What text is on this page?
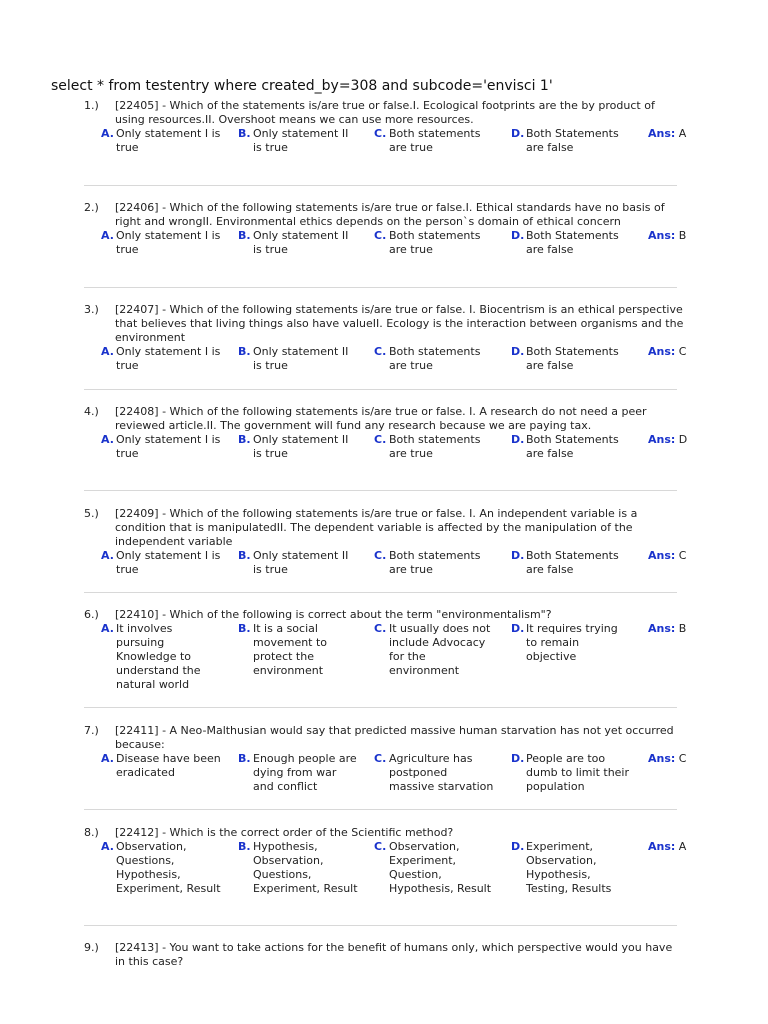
select * from testentry where created_by=308 and subcode='envisci 1'
1.) [22405] - Which of the statements is/are true or false.I. Ecological footprints are the by product of using resources.II. Overshoot means we can use more resources.
A. Only statement I is true
B. Only statement II is true
C. Both statements are true
D. Both Statements are false
Ans: A
2.) [22406] - Which of the following statements is/are true or false.I. Ethical standards have no basis of right and wrongII. Environmental ethics depends on the person`s domain of ethical concern
A. Only statement I is true
B. Only statement II is true
C. Both statements are true
D. Both Statements are false
Ans: B
3.) [22407] - Which of the following statements is/are true or false. I. Biocentrism is an ethical perspective that believes that living things also have valueII. Ecology is the interaction between organisms and the environment
A. Only statement I is true
B. Only statement II is true
C. Both statements are true
D. Both Statements are false
Ans: C
4.) [22408] - Which of the following statements is/are true or false. I. A research do not need a peer reviewed article.II. The government will fund any research because we are paying tax.
A. Only statement I is true
B. Only statement II is true
C. Both statements are true
D. Both Statements are false
Ans: D
5.) [22409] - Which of the following statements is/are true or false. I. An independent variable is a condition that is manipulatedII. The dependent variable is affected by the manipulation of the independent variable
A. Only statement I is true
B. Only statement II is true
C. Both statements are true
D. Both Statements are false
Ans: C
6.) [22410] - Which of the following is correct about the term "environmentalism"?
A. It involves pursuing Knowledge to understand the natural world
B. It is a social movement to protect the environment
C. It usually does not include Advocacy for the environment
D. It requires trying to remain objective
Ans: B
7.) [22411] - A Neo-Malthusian would say that predicted massive human starvation has not yet occurred because:
A. Disease have been eradicated
B. Enough people are dying from war and conflict
C. Agriculture has postponed massive starvation
D. People are too dumb to limit their population
Ans: C
8.) [22412] - Which is the correct order of the Scientific method?
A. Observation, Questions, Hypothesis, Experiment, Result
B. Hypothesis, Observation, Questions, Experiment, Result
C. Observation, Experiment, Question, Hypothesis, Result
D. Experiment, Observation, Hypothesis, Testing, Results
Ans: A
9.) [22413] - You want to take actions for the benefit of humans only, which perspective would you have in this case?
